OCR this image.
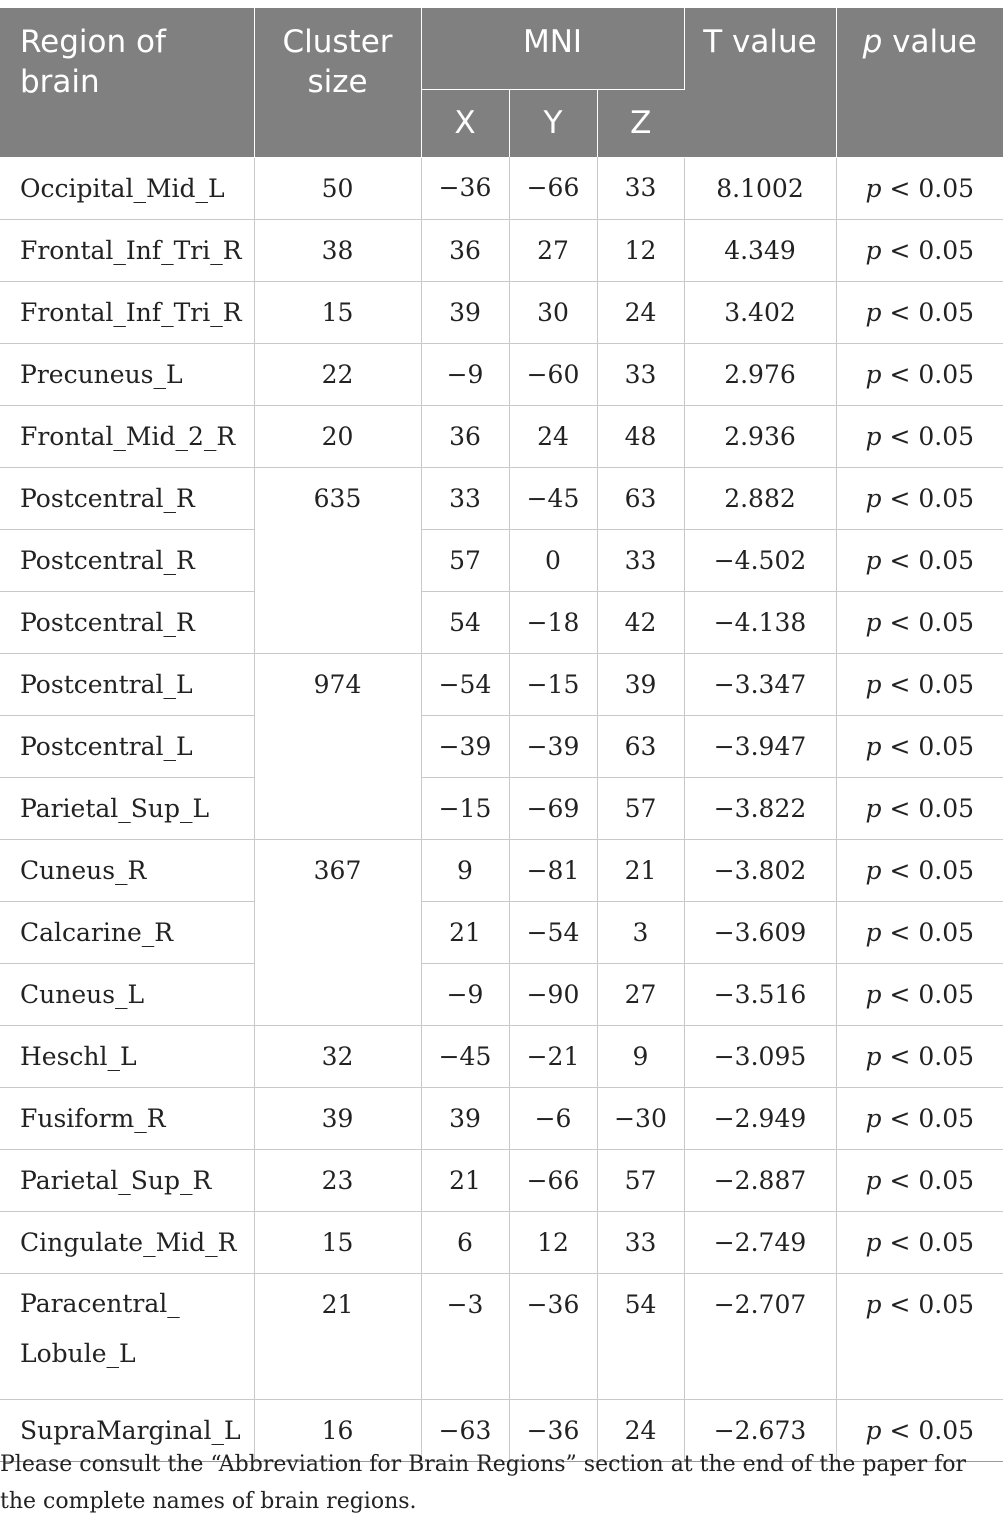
Region of brain	Cluster size	MNI			T value	p value
		X	Y	Z		
Occipital_Mid_L	50	−36	−66	33	8.1002	p < 0.05
Frontal_Inf_Tri_R	38	36	27	12	4.349	p < 0.05
Frontal_Inf_Tri_R	15	39	30	24	3.402	p < 0.05
Precuneus_L	22	−9	−60	33	2.976	p < 0.05
Frontal_Mid_2_R	20	36	24	48	2.936	p < 0.05
Postcentral_R	635	33	−45	63	2.882	p < 0.05
Postcentral_R		57	0	33	−4.502	p < 0.05
Postcentral_R		54	−18	42	−4.138	p < 0.05
Postcentral_L	974	−54	−15	39	−3.347	p < 0.05
Postcentral_L		−39	−39	63	−3.947	p < 0.05
Parietal_Sup_L		−15	−69	57	−3.822	p < 0.05
Cuneus_R	367	9	−81	21	−3.802	p < 0.05
Calcarine_R		21	−54	3	−3.609	p < 0.05
Cuneus_L		−9	−90	27	−3.516	p < 0.05
Heschl_L	32	−45	−21	9	−3.095	p < 0.05
Fusiform_R	39	39	−6	−30	−2.949	p < 0.05
Parietal_Sup_R	23	21	−66	57	−2.887	p < 0.05
Cingulate_Mid_R	15	6	12	33	−2.749	p < 0.05
Paracentral_
Lobule_L	21	−3	−36	54	−2.707	p < 0.05
SupraMarginal_L	16	−63	−36	24	−2.673	p < 0.05
Please consult the “Abbreviation for Brain Regions” section at the end of the paper for the complete names of brain regions.
